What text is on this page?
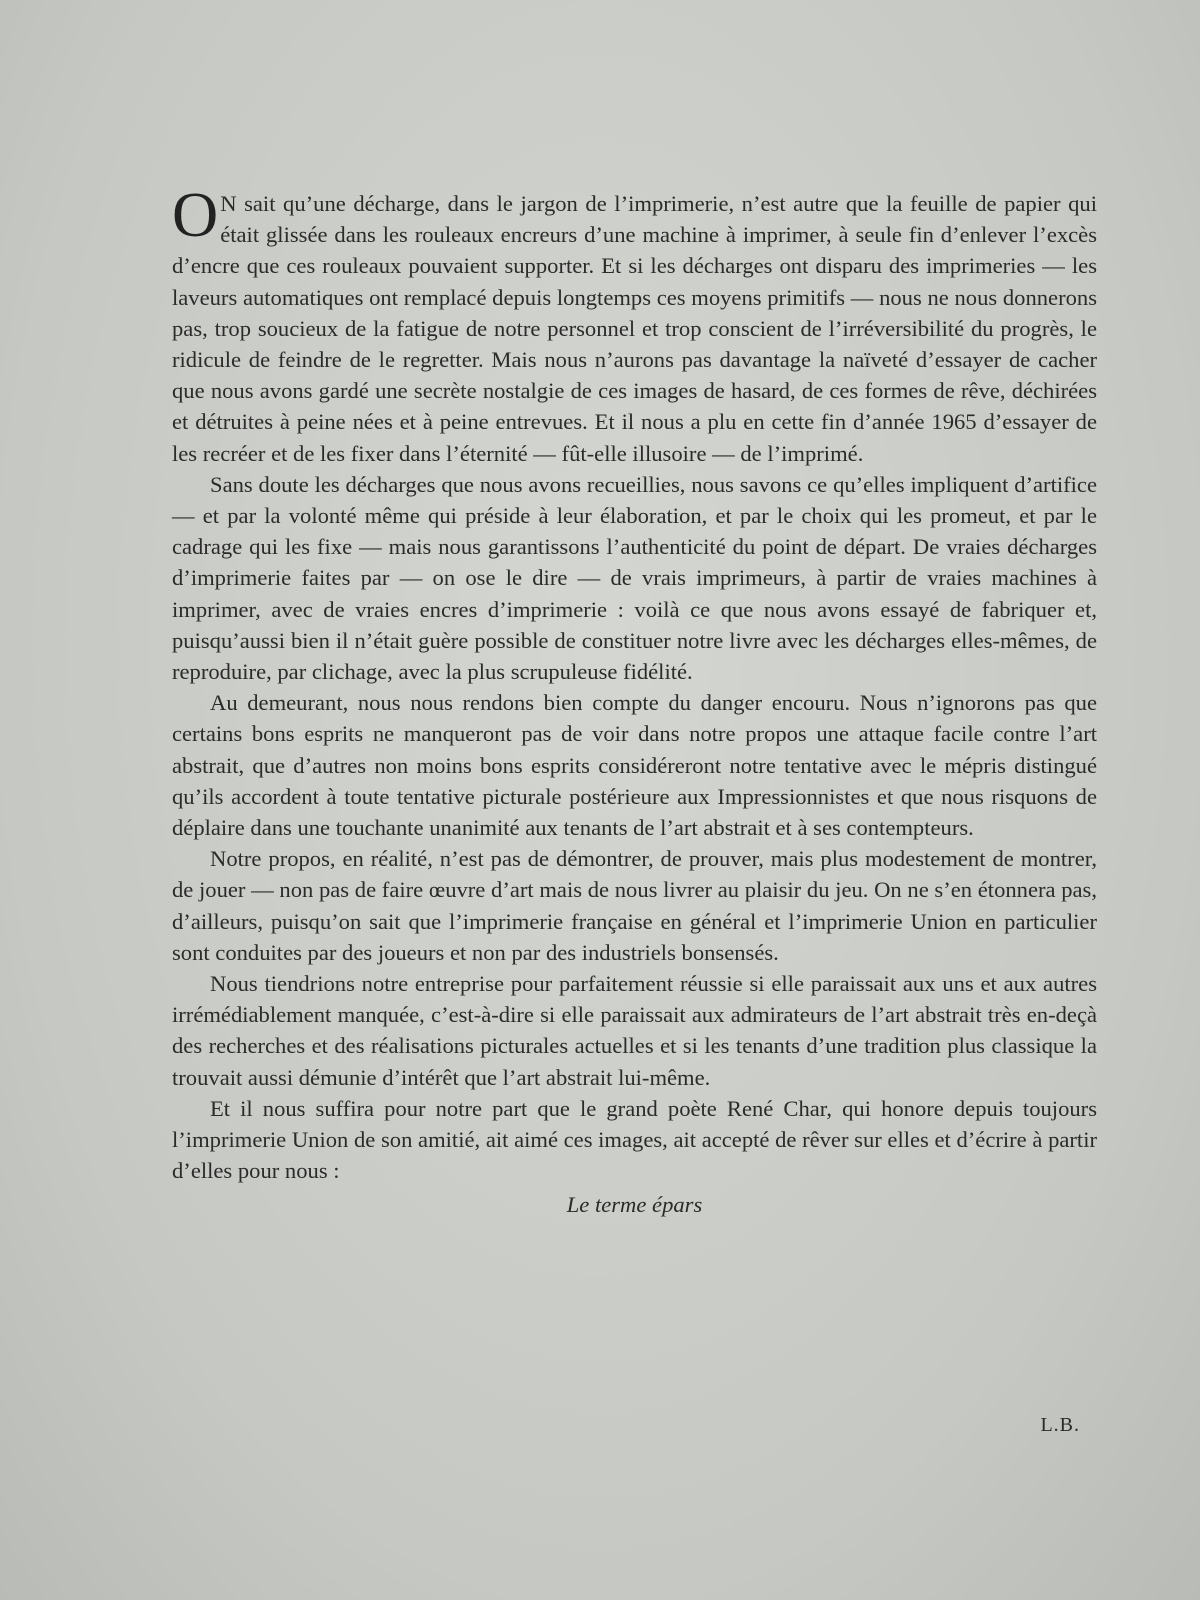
O N sait qu’une décharge, dans le jargon de l’imprimerie, n’est autre que la feuille de papier qui était glissée dans les rouleaux encreurs d’une machine à imprimer, à seule fin d’enlever l’excès d’encre que ces rouleaux pouvaient supporter. Et si les décharges ont disparu des imprimeries — les laveurs automatiques ont remplacé depuis longtemps ces moyens primitifs — nous ne nous donnerons pas, trop soucieux de la fatigue de notre personnel et trop conscient de l’irréversibilité du progrès, le ridicule de feindre de le regretter. Mais nous n’aurons pas davantage la naïveté d’essayer de cacher que nous avons gardé une secrète nostalgie de ces images de hasard, de ces formes de rêve, déchirées et détruites à peine nées et à peine entrevues. Et il nous a plu en cette fin d’année 1965 d’essayer de les recréer et de les fixer dans l’éternité — fût-elle illusoire — de l’imprimé.

Sans doute les décharges que nous avons recueillies, nous savons ce qu’elles impliquent d’artifice — et par la volonté même qui préside à leur élaboration, et par le choix qui les promeut, et par le cadrage qui les fixe — mais nous garantissons l’authenticité du point de départ. De vraies décharges d’imprimerie faites par — on ose le dire — de vrais imprimeurs, à partir de vraies machines à imprimer, avec de vraies encres d’imprimerie : voilà ce que nous avons essayé de fabriquer et, puisqu’aussi bien il n’était guère possible de constituer notre livre avec les décharges elles-mêmes, de reproduire, par clichage, avec la plus scrupuleuse fidélité.

Au demeurant, nous nous rendons bien compte du danger encouru. Nous n’ignorons pas que certains bons esprits ne manqueront pas de voir dans notre propos une attaque facile contre l’art abstrait, que d’autres non moins bons esprits considéreront notre tentative avec le mépris distingué qu’ils accordent à toute tentative picturale postérieure aux Impressionnistes et que nous risquons de déplaire dans une touchante unanimité aux tenants de l’art abstrait et à ses contempteurs.

Notre propos, en réalité, n’est pas de démontrer, de prouver, mais plus modestement de montrer, de jouer — non pas de faire œuvre d’art mais de nous livrer au plaisir du jeu. On ne s’en étonnera pas, d’ailleurs, puisqu’on sait que l’imprimerie française en général et l’imprimerie Union en particulier sont conduites par des joueurs et non par des industriels bonsensés.

Nous tiendrions notre entreprise pour parfaitement réussie si elle paraissait aux uns et aux autres irrémédiablement manquée, c’est-à-dire si elle paraissait aux admirateurs de l’art abstrait très en-deçà des recherches et des réalisations picturales actuelles et si les tenants d’une tradition plus classique la trouvait aussi démunie d’intérêt que l’art abstrait lui-même.

Et il nous suffira pour notre part que le grand poète René Char, qui honore depuis toujours l’imprimerie Union de son amitié, ait aimé ces images, ait accepté de rêver sur elles et d’écrire à partir d’elles pour nous :

Le terme épars

L.B.
